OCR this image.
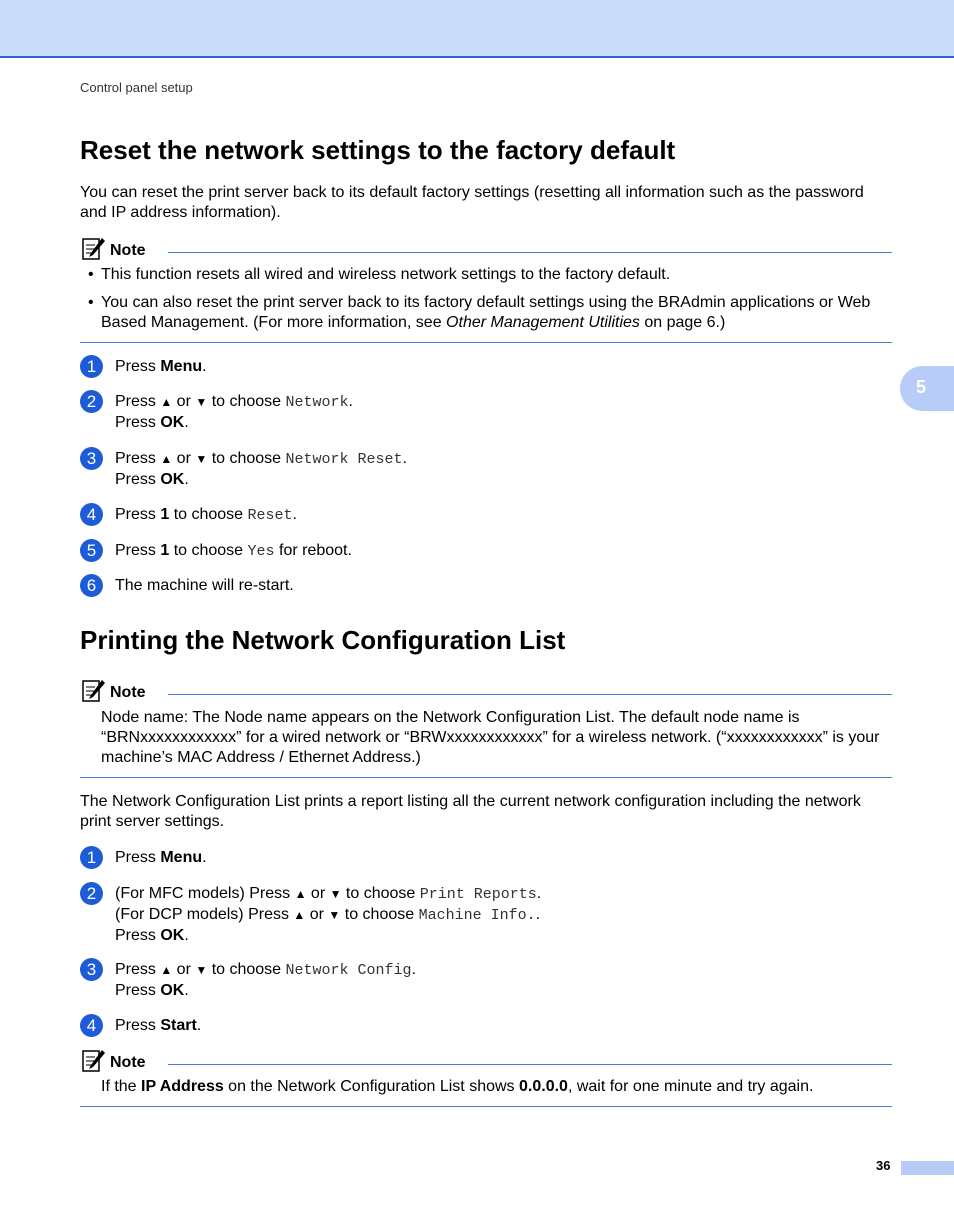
Control panel setup
Reset the network settings to the factory default

You can reset the print server back to its default factory settings (resetting all information such as the password and IP address information).

Note
• This function resets all wired and wireless network settings to the factory default.
• You can also reset the print server back to its factory default settings using the BRAdmin applications or Web Based Management. (For more information, see Other Management Utilities on page 6.)
1	Press Menu.
2	Press ▲ or ▼ to choose Network.
Press OK.
3	Press ▲ or ▼ to choose Network Reset.
Press OK.
4	Press 1 to choose Reset.
5	Press 1 to choose Yes for reboot.
6	The machine will re-start.
Printing the Network Configuration List
Note
Node name: The Node name appears on the Network Configuration List. The default node name is “BRNxxxxxxxxxxxx” for a wired network or “BRWxxxxxxxxxxxx” for a wireless network. (“xxxxxxxxxxxx” is your machine’s MAC Address / Ethernet Address.)

The Network Configuration List prints a report listing all the current network configuration including the network print server settings.

1	Press Menu.
2	(For MFC models) Press ▲ or ▼ to choose Print Reports.
(For DCP models) Press ▲ or ▼ to choose Machine Info..
Press OK.
3	Press ▲ or ▼ to choose Network Config.
Press OK.
4	Press Start.
Note
If the IP Address on the Network Configuration List shows 0.0.0.0, wait for one minute and try again.
5
36
